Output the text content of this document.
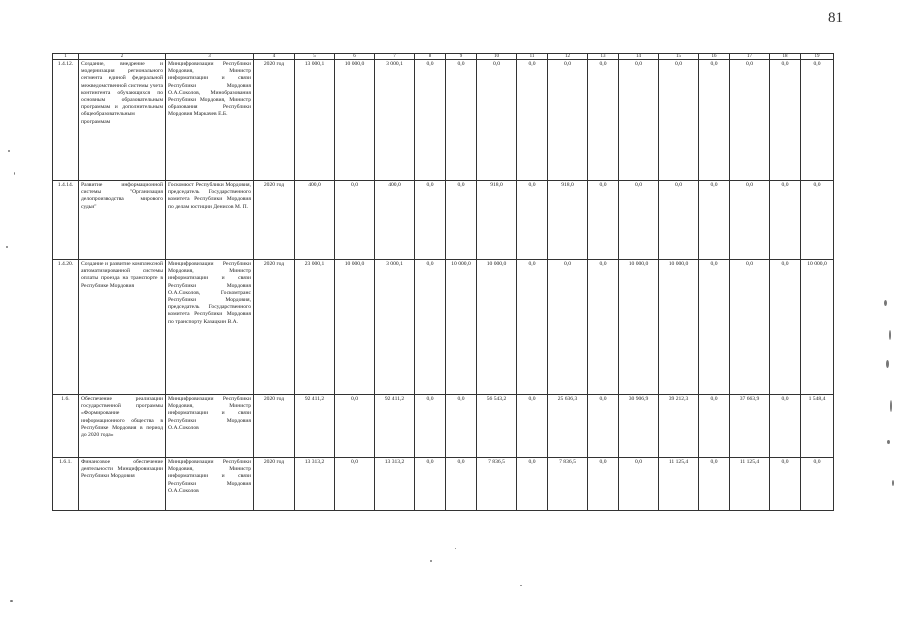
81
1	2	3	4	5	6	7	8	9	10	11	12	13	14	15	16	17	18	19
1.4.12.	Создание, внедрение и модернизация регионального сегмента единой федеральной межведомственной системы учета контингента обучающихся по основным образовательным программам и дополнительным общеобразовательным программам	Минцифровизации Республики Мордовия, Министр информатизации и связи Республики Мордовия О.А.Соколов, Минобразования Республики Мордовия, Министр образования Республики Мордовия Маркачев Е.Б.	2020 год	13 000,1	10 000,0	3 000,1	0,0	0,0	0,0	0,0	0,0	0,0	0,0	0,0	0,0	0,0	0,0	0,0
1.4.14.	Развитие информационной системы "Организация делопроизводства мирового судьи"	Госкомюст Республики Мордовия, председатель Государственного комитета Республики Мордовия по делам юстиции Денисов М. П.	2020 год	400,0	0,0	400,0	0,0	0,0	918,0	0,0	918,0	0,0	0,0	0,0	0,0	0,0	0,0	0,0
1.4.20.	Создание и развитие комплексной автоматизированной системы оплаты проезда на транспорте в Республике Мордовия	Минцифровизации Республики Мордовия, Министр информатизации и связи Республики Мордовия О.А.Соколов, Госкомтранс Республики Мордовия, председатель Государственного комитета Республики Мордовия по транспорту Казацкин В.А.	2020 год	23 000,1	10 000,0	3 000,1	0,0	10 000,0	10 000,0	0,0	0,0	0,0	10 000,0	10 000,0	0,0	0,0	0,0	10 000,0
1.6.	Обеспечение реализации государственной программы «Формирование информационного общества в Республике Мордовия в период до 2020 года»	Минцифровизации Республики Мордовия, Министр информатизации и связи Республики Мордовия О.А.Соколов	2020 год	92 411,2	0,0	92 411,2	0,0	0,0	56 543,2	0,0	25 636,3	0,0	30 906,9	39 212,3	0,0	37 663,9	0,0	1 548,4
1.6.1.	Финансовое обеспечение деятельности Минцифровизации Республики Мордовия	Минцифровизации Республики Мордовия, Министр информатизации и связи Республики Мордовия О.А.Соколов	2020 год	13 313,2	0,0	13 313,2	0,0	0,0	7 836,5	0,0	7 836,5	0,0	0,0	11 125,4	0,0	11 125,4	0,0	0,0
